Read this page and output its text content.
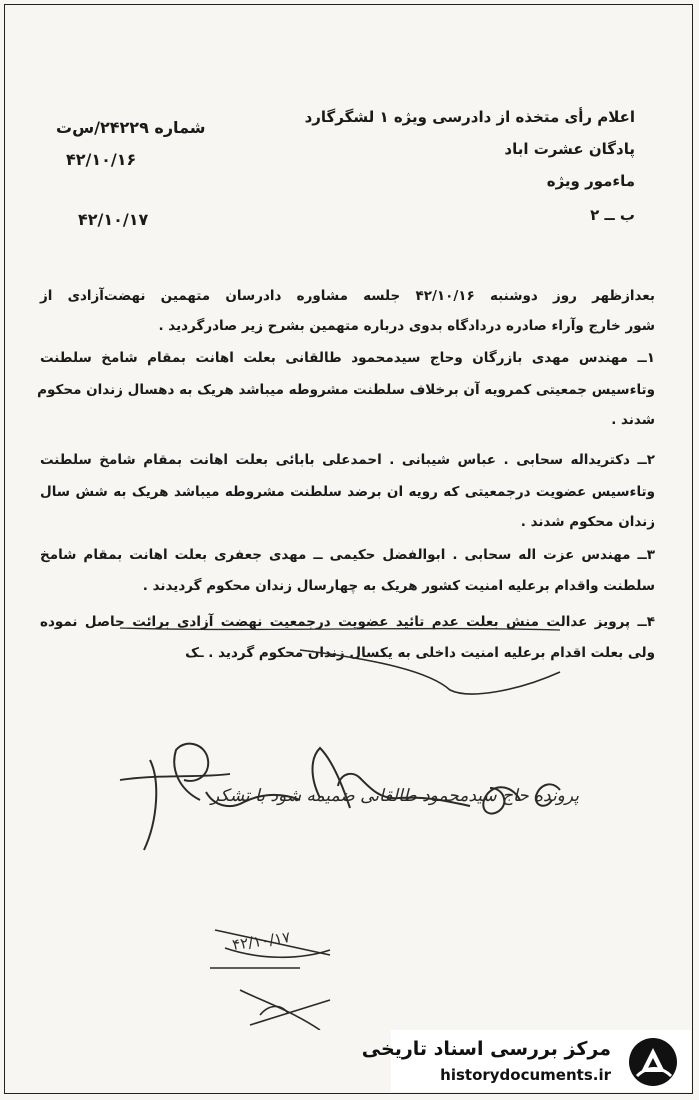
اعلام رأی متخذه از دادرسی ویژه ۱ لشگرگارد
پادگان عشرت اباد
ماءمور ویژه
ب ــ ۲
شماره ۲۴۲۲۹/س‌ت
۴۲/۱۰/۱۶
۴۲/۱۰/۱۷
بعدازظهر روز دوشنبه ۴۲/۱۰/۱۶ جلسه مشاوره دادرسان متهمین نهضت‌آزادی از
شور خارج وآراء صادره دردادگاه بدوی درباره متهمین بشرح زیر صادرگردید .
۱ــ مهندس مهدی بازرگان وحاج سیدمحمود طالقانی بعلت اهانت بمقام شامخ سلطنت
وتاءسیس جمعیتی کمرویه آن برخلاف سلطنت مشروطه میباشد هریک به دهسال زندان محکوم
شدند .
۲ــ دکتریداله سحابی . عباس شیبانی . احمدعلی بابائی بعلت اهانت بمقام شامخ سلطنت
وتاءسیس عضویت درجمعیتی که رویه ان برضد سلطنت مشروطه میباشد هریک به شش سال
زندان محکوم شدند .
۳ــ مهندس عزت اله سحابی . ابوالفضل حکیمی ــ مهدی جعفری بعلت اهانت بمقام شامخ
سلطنت واقدام برعلیه امنیت کشور هریک به چهارسال زندان محکوم گردیدند .
۴ــ پرویز عدالت منش بعلت عدم تائید عضویت درجمعیت نهضت آزادی برائت حاصل نموده
ولی بعلت اقدام برعلیه امنیت داخلی به یکسال زندان محکوم گردید . ـک
پرونده حاج سیدمحمود طالقانی ضمیمه شود با تشکر
۴۲/۱۰/۱۷
مرکز بررسی اسناد تاریخی
historydocuments.ir
